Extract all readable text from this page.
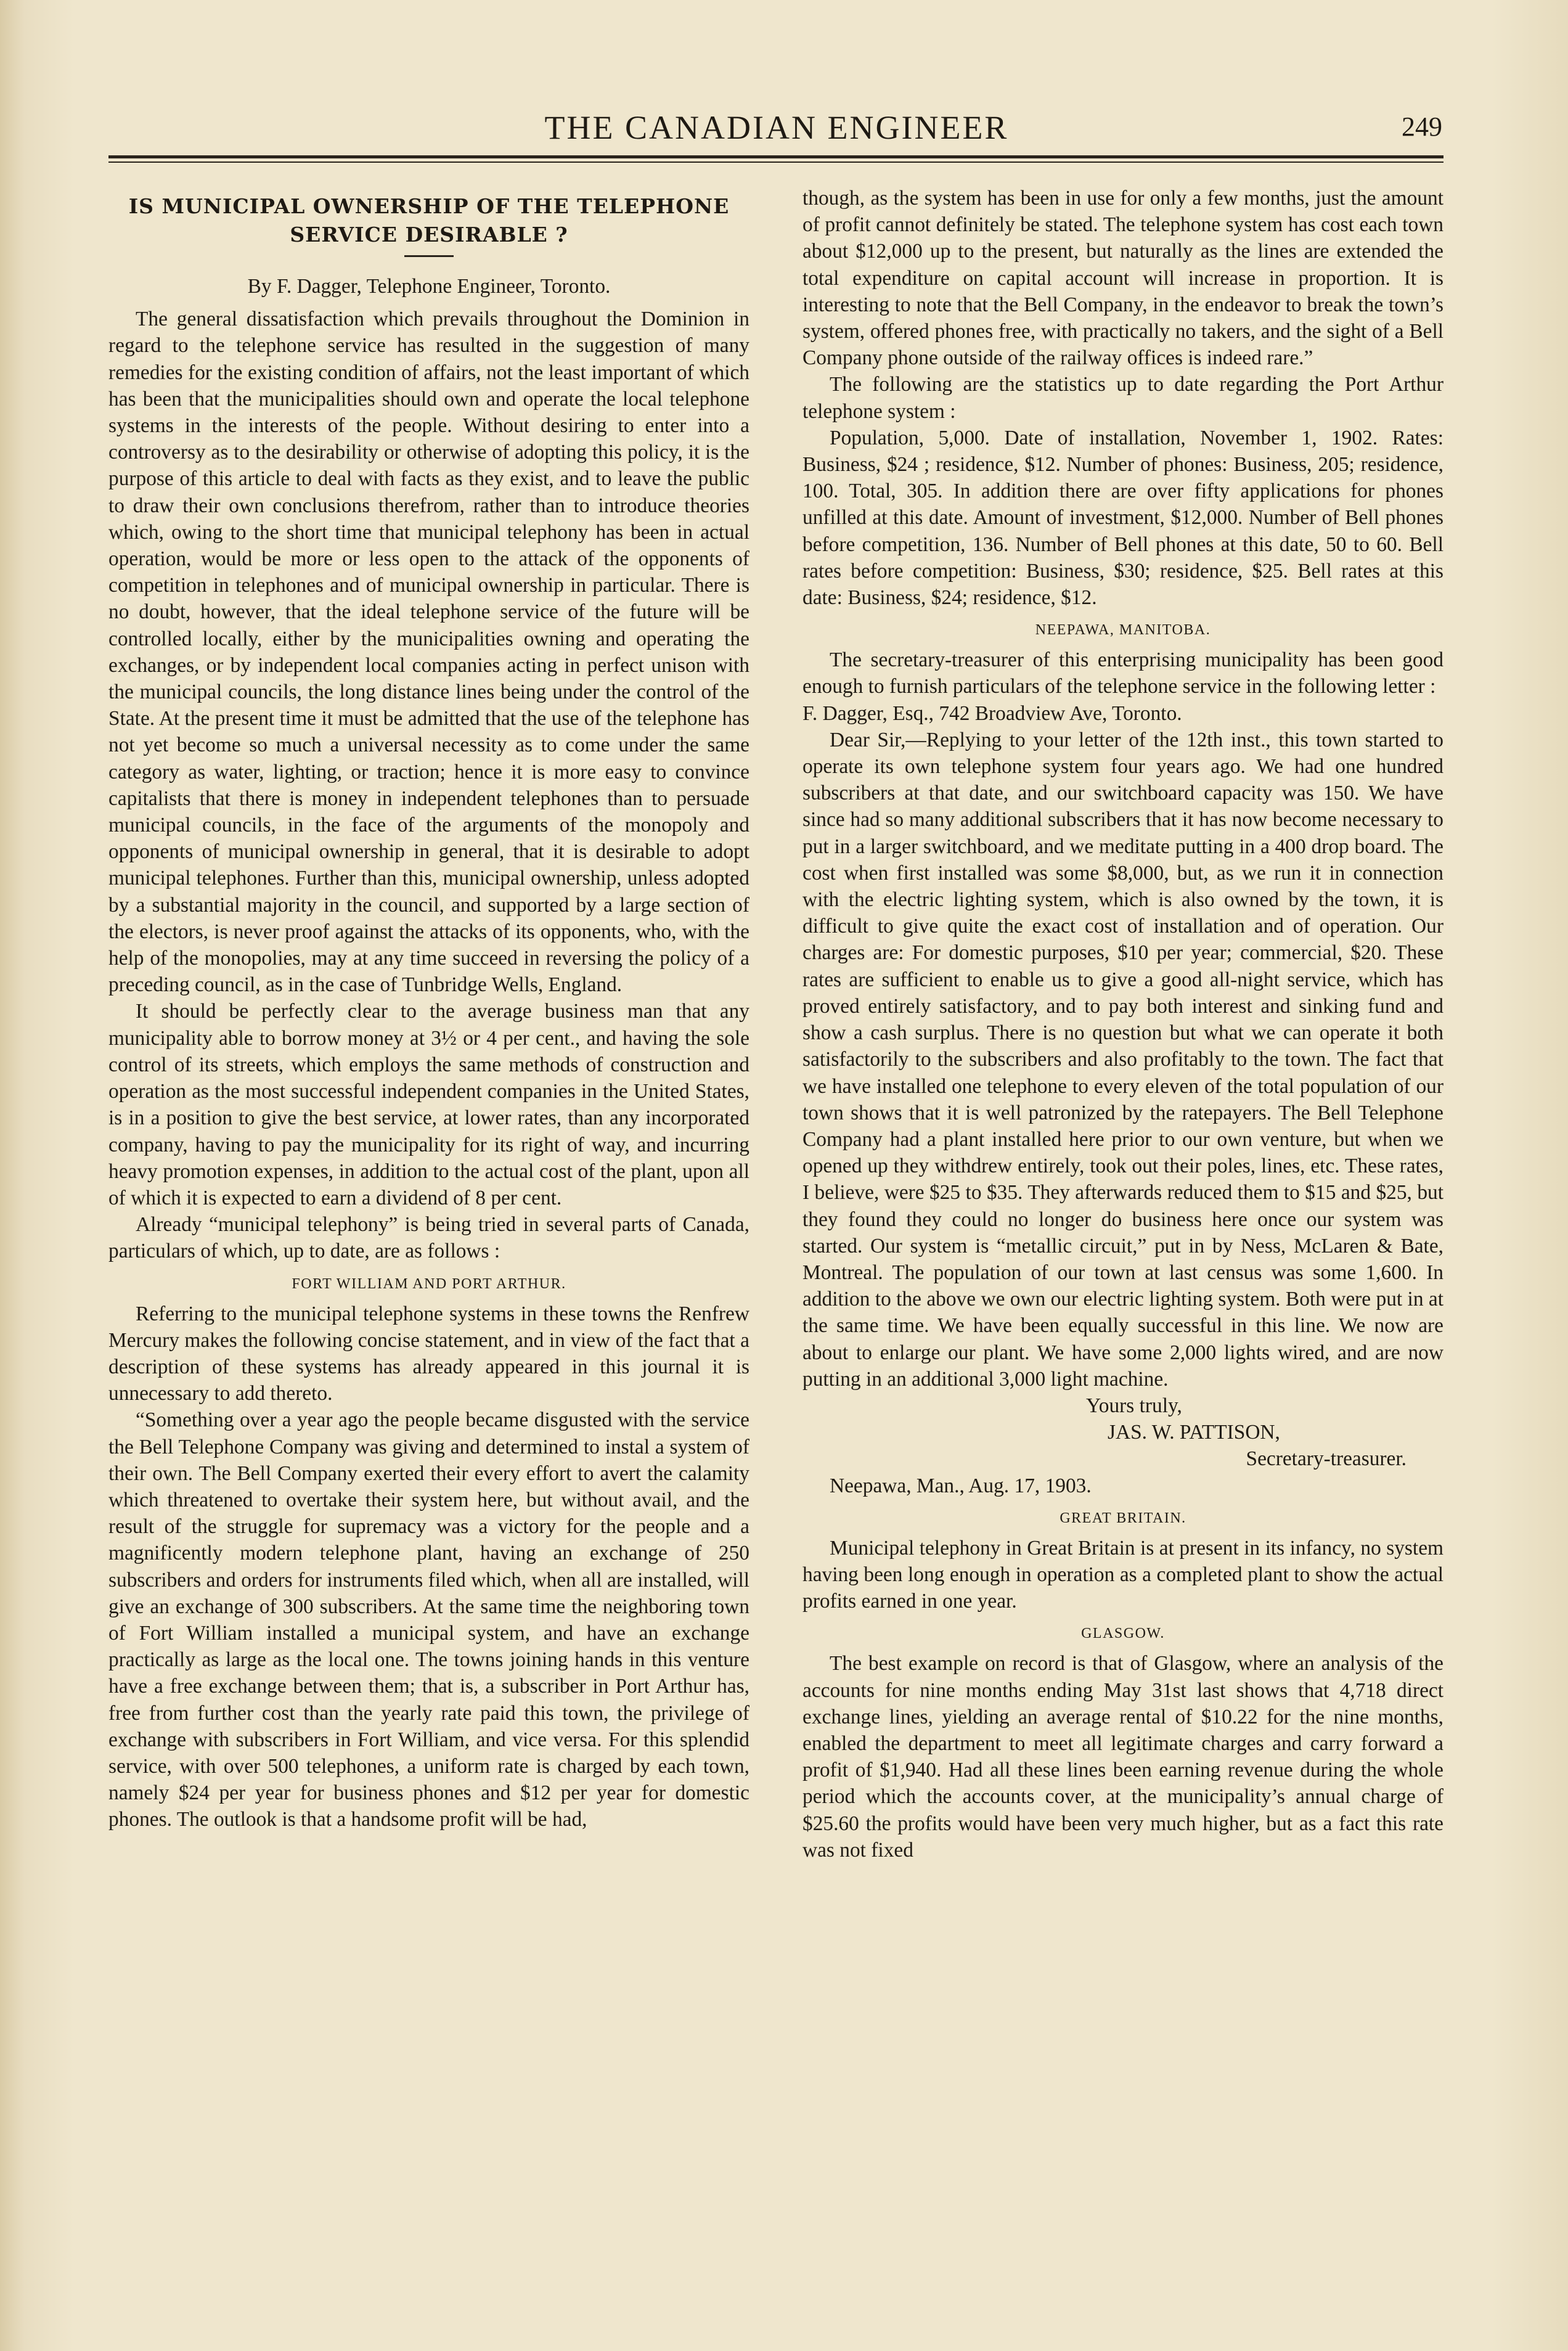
THE CANADIAN ENGINEER	249
IS MUNICIPAL OWNERSHIP OF THE TELEPHONE SERVICE DESIRABLE ?
By F. Dagger, Telephone Engineer, Toronto.

The general dissatisfaction which prevails throughout the Dominion in regard to the telephone service has resulted in the suggestion of many remedies for the existing condition of affairs, not the least important of which has been that the municipalities should own and operate the local telephone systems in the interests of the people. Without desiring to enter into a controversy as to the desirability or otherwise of adopting this policy, it is the purpose of this article to deal with facts as they exist, and to leave the public to draw their own conclusions therefrom, rather than to introduce theories which, owing to the short time that municipal telephony has been in actual operation, would be more or less open to the attack of the opponents of competition in telephones and of municipal ownership in particular. There is no doubt, however, that the ideal telephone service of the future will be controlled locally, either by the municipalities owning and operating the exchanges, or by independent local companies acting in perfect unison with the municipal councils, the long distance lines being under the control of the State. At the present time it must be admitted that the use of the telephone has not yet become so much a universal necessity as to come under the same category as water, lighting, or traction; hence it is more easy to convince capitalists that there is money in independent telephones than to persuade municipal councils, in the face of the arguments of the monopoly and opponents of municipal ownership in general, that it is desirable to adopt municipal telephones. Further than this, municipal ownership, unless adopted by a substantial majority in the council, and supported by a large section of the electors, is never proof against the attacks of its opponents, who, with the help of the monopolies, may at any time succeed in reversing the policy of a preceding council, as in the case of Tunbridge Wells, England.

It should be perfectly clear to the average business man that any municipality able to borrow money at 3½ or 4 per cent., and having the sole control of its streets, which employs the same methods of construction and operation as the most successful independent companies in the United States, is in a position to give the best service, at lower rates, than any incorporated company, having to pay the municipality for its right of way, and incurring heavy promotion expenses, in addition to the actual cost of the plant, upon all of which it is expected to earn a dividend of 8 per cent.

Already “municipal telephony” is being tried in several parts of Canada, particulars of which, up to date, are as follows :

FORT WILLIAM AND PORT ARTHUR.

Referring to the municipal telephone systems in these towns the Renfrew Mercury makes the following concise statement, and in view of the fact that a description of these systems has already appeared in this journal it is unnecessary to add thereto.

“Something over a year ago the people became disgusted with the service the Bell Telephone Company was giving and determined to instal a system of their own. The Bell Company exerted their every effort to avert the calamity which threatened to overtake their system here, but without avail, and the result of the struggle for supremacy was a victory for the people and a magnificently modern telephone plant, having an exchange of 250 subscribers and orders for instruments filed which, when all are installed, will give an exchange of 300 subscribers. At the same time the neighboring town of Fort William installed a municipal system, and have an exchange practically as large as the local one. The towns joining hands in this venture have a free exchange between them; that is, a subscriber in Port Arthur has, free from further cost than the yearly rate paid this town, the privilege of exchange with subscribers in Fort William, and vice versa. For this splendid service, with over 500 telephones, a uniform rate is charged by each town, namely $24 per year for business phones and $12 per year for domestic phones. The outlook is that a handsome profit will be had,

though, as the system has been in use for only a few months, just the amount of profit cannot definitely be stated. The telephone system has cost each town about $12,000 up to the present, but naturally as the lines are extended the total expenditure on capital account will increase in proportion. It is interesting to note that the Bell Company, in the endeavor to break the town’s system, offered phones free, with practically no takers, and the sight of a Bell Company phone outside of the railway offices is indeed rare.”

The following are the statistics up to date regarding the Port Arthur telephone system :

Population, 5,000. Date of installation, November 1, 1902. Rates: Business, $24 ; residence, $12. Number of phones: Business, 205; residence, 100. Total, 305. In addition there are over fifty applications for phones unfilled at this date. Amount of investment, $12,000. Number of Bell phones before competition, 136. Number of Bell phones at this date, 50 to 60. Bell rates before competition: Business, $30; residence, $25. Bell rates at this date: Business, $24; residence, $12.

NEEPAWA, MANITOBA.

The secretary-treasurer of this enterprising municipality has been good enough to furnish particulars of the telephone service in the following letter :

F. Dagger, Esq., 742 Broadview Ave, Toronto.

Dear Sir,—Replying to your letter of the 12th inst., this town started to operate its own telephone system four years ago. We had one hundred subscribers at that date, and our switchboard capacity was 150. We have since had so many additional subscribers that it has now become necessary to put in a larger switchboard, and we meditate putting in a 400 drop board. The cost when first installed was some $8,000, but, as we run it in connection with the electric lighting system, which is also owned by the town, it is difficult to give quite the exact cost of installation and of operation. Our charges are: For domestic purposes, $10 per year; commercial, $20. These rates are sufficient to enable us to give a good all-night service, which has proved entirely satisfactory, and to pay both interest and sinking fund and show a cash surplus. There is no question but what we can operate it both satisfactorily to the subscribers and also profitably to the town. The fact that we have installed one telephone to every eleven of the total population of our town shows that it is well patronized by the ratepayers. The Bell Telephone Company had a plant installed here prior to our own venture, but when we opened up they withdrew entirely, took out their poles, lines, etc. These rates, I believe, were $25 to $35. They afterwards reduced them to $15 and $25, but they found they could no longer do business here once our system was started. Our system is “metallic circuit,” put in by Ness, McLaren & Bate, Montreal. The population of our town at last census was some 1,600. In addition to the above we own our electric lighting system. Both were put in at the same time. We have been equally successful in this line. We now are about to enlarge our plant. We have some 2,000 lights wired, and are now putting in an additional 3,000 light machine.

Yours truly,
JAS. W. PATTISON,
Secretary-treasurer.
Neepawa, Man., Aug. 17, 1903.
GREAT BRITAIN.

Municipal telephony in Great Britain is at present in its infancy, no system having been long enough in operation as a completed plant to show the actual profits earned in one year.

GLASGOW.

The best example on record is that of Glasgow, where an analysis of the accounts for nine months ending May 31st last shows that 4,718 direct exchange lines, yielding an average rental of $10.22 for the nine months, enabled the department to meet all legitimate charges and carry forward a profit of $1,940. Had all these lines been earning revenue during the whole period which the accounts cover, at the municipality’s annual charge of $25.60 the profits would have been very much higher, but as a fact this rate was not fixed
